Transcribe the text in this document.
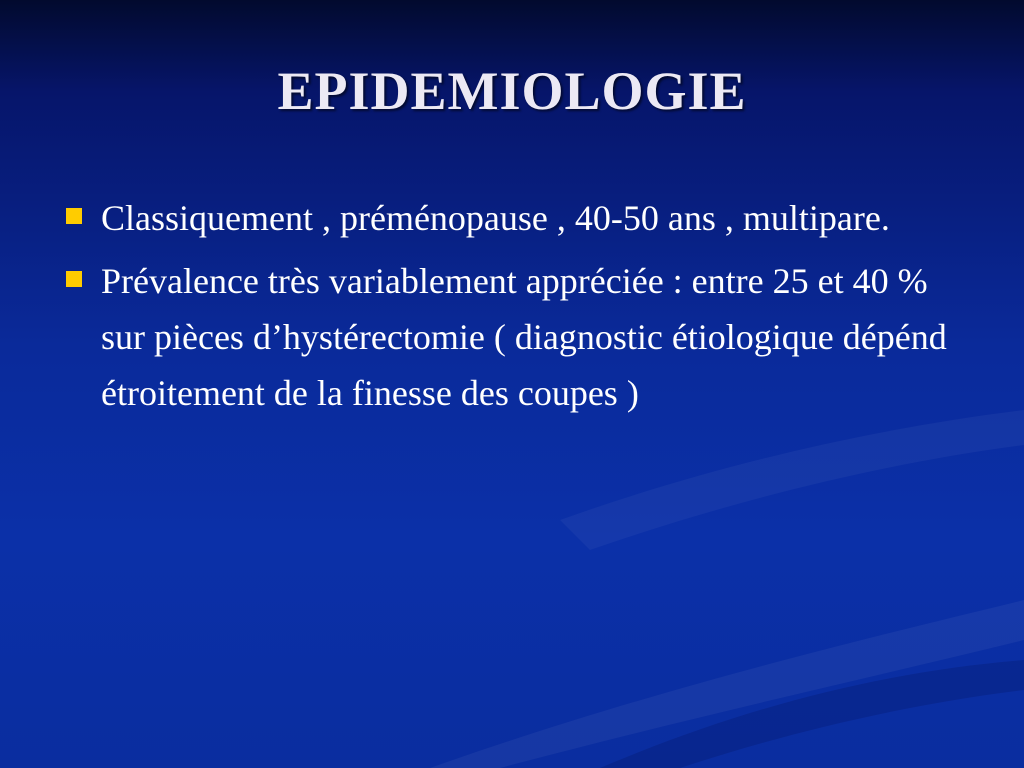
EPIDEMIOLOGIE
Classiquement , préménopause , 40-50 ans , multipare.
Prévalence très variablement appréciée : entre 25 et 40 % sur pièces d’hystérectomie ( diagnostic étiologique dépénd étroitement de la finesse des coupes )
